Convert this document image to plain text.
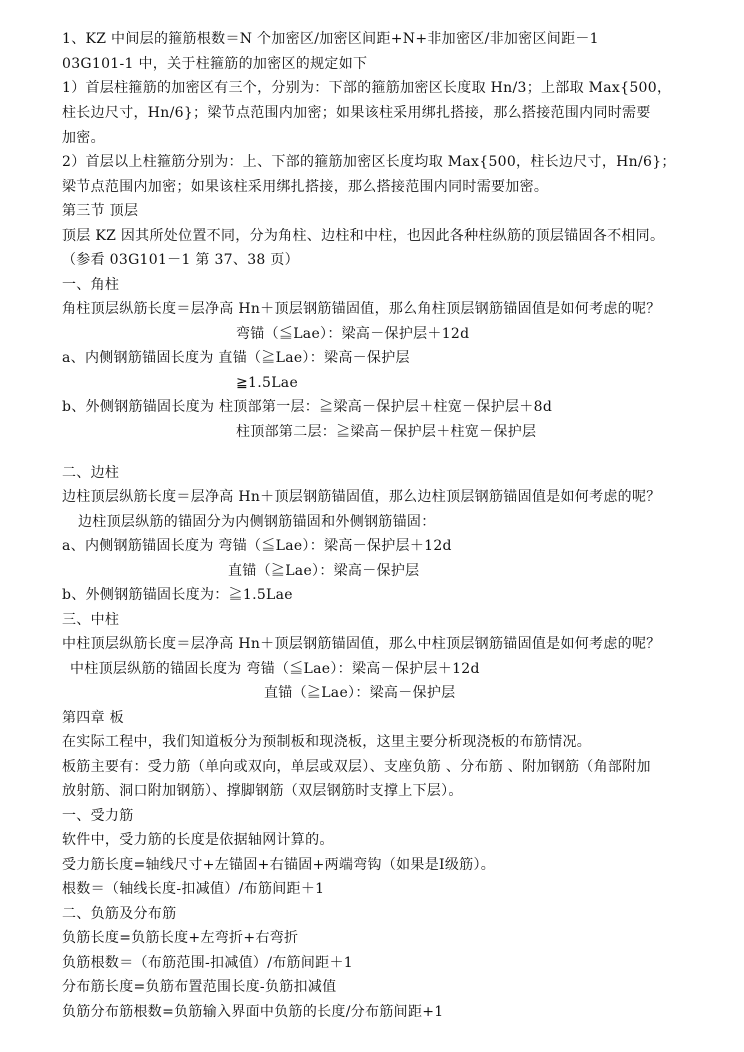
1、KZ 中间层的箍筋根数＝N 个加密区/加密区间距+N+非加密区/非加密区间距－1
03G101-1 中，关于柱箍筋的加密区的规定如下
1）首层柱箍筋的加密区有三个，分别为：下部的箍筋加密区长度取 Hn/3；上部取 Max{500，
柱长边尺寸，Hn/6}；梁节点范围内加密；如果该柱采用绑扎搭接，那么搭接范围内同时需要
加密。
2）首层以上柱箍筋分别为：上、下部的箍筋加密区长度均取 Max{500，柱长边尺寸，Hn/6}；
梁节点范围内加密；如果该柱采用绑扎搭接，那么搭接范围内同时需要加密。
第三节 顶层
顶层 KZ 因其所处位置不同，分为角柱、边柱和中柱，也因此各种柱纵筋的顶层锚固各不相同。
（参看 03G101－1 第 37、38 页）
一、角柱
角柱顶层纵筋长度＝层净高 Hn＋顶层钢筋锚固值，那么角柱顶层钢筋锚固值是如何考虑的呢？
弯锚（≦Lae）：梁高－保护层＋12d
a、内侧钢筋锚固长度为 直锚（≧Lae）：梁高－保护层
≧1.5Lae
b、外侧钢筋锚固长度为 柱顶部第一层：≧梁高－保护层＋柱宽－保护层＋8d
柱顶部第二层：≧梁高－保护层＋柱宽－保护层
二、边柱
边柱顶层纵筋长度＝层净高 Hn＋顶层钢筋锚固值，那么边柱顶层钢筋锚固值是如何考虑的呢？
边柱顶层纵筋的锚固分为内侧钢筋锚固和外侧钢筋锚固：
a、内侧钢筋锚固长度为 弯锚（≦Lae）：梁高－保护层＋12d
直锚（≧Lae）：梁高－保护层
b、外侧钢筋锚固长度为：≧1.5Lae
三、中柱
中柱顶层纵筋长度＝层净高 Hn＋顶层钢筋锚固值，那么中柱顶层钢筋锚固值是如何考虑的呢？
中柱顶层纵筋的锚固长度为 弯锚（≦Lae）：梁高－保护层＋12d
直锚（≧Lae）：梁高－保护层
第四章 板
在实际工程中，我们知道板分为预制板和现浇板，这里主要分析现浇板的布筋情况。
板筋主要有：受力筋（单向或双向，单层或双层）、支座负筋 、分布筋 、附加钢筋（角部附加
放射筋、洞口附加钢筋）、撑脚钢筋（双层钢筋时支撑上下层）。
一、受力筋
软件中，受力筋的长度是依据轴网计算的。
受力筋长度=轴线尺寸+左锚固+右锚固+两端弯钩（如果是Ⅰ级筋）。
根数＝（轴线长度-扣减值）/布筋间距＋1
二、负筋及分布筋
负筋长度=负筋长度+左弯折+右弯折
负筋根数＝（布筋范围-扣减值）/布筋间距＋1
分布筋长度=负筋布置范围长度-负筋扣减值
负筋分布筋根数=负筋输入界面中负筋的长度/分布筋间距+1
